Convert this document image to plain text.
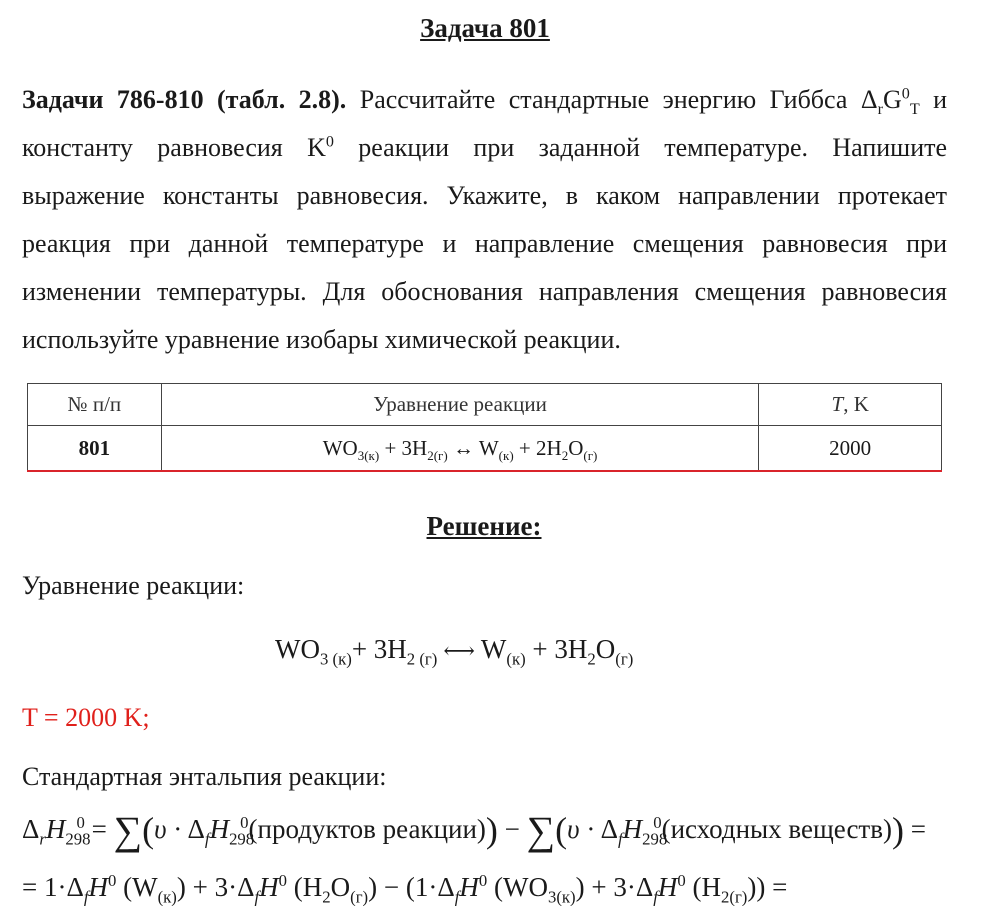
Задача 801
Задачи 786-810 (табл. 2.8). Рассчитайте стандартные энергию Гиббса $\Delta_rG^0_T$ и константу равновесия $K^0$ реакции при заданной температуре. Напишите выражение константы равновесия. Укажите, в каком направлении протекает реакция при данной температуре и направление смещения равновесия при изменении температуры. Для обоснования направления смещения равновесия используйте уравнение изобары химической реакции.
№ п/п	Уравнение реакции	T, K
801	$WO_{3(к)} + 3H_{2(г)}$ ↔ $W_{(к)} + 2H_2O_{(г)}$	2000
Решение:
Уравнение реакции:
$WO_{3 (к)}+ 3H_{2 (г)}$ ⟷ $W_{(к)} + 3H_2O_{(г)}$
T = 2000 K;
Стандартная энтальпия реакции:
$\Delta_rH_{298}^0 = \sum(\upsilon$ · $\Delta_fH_{298}^0(продуктов$ реакции)) − $\sum(\upsilon \cdot \Delta_fH_{298}^0(исходных$ веществ)) =
= $1\cdot\Delta_fH^0$ $(W_{(к)}) + 3\cdot\Delta_fH^0$ $(H_2O_{(г)}) - (1\cdot\Delta_fH^0$ $(WO_{3(к)}) + 3\cdot\Delta_fH^0$ $(H_{2(г)})$) =
